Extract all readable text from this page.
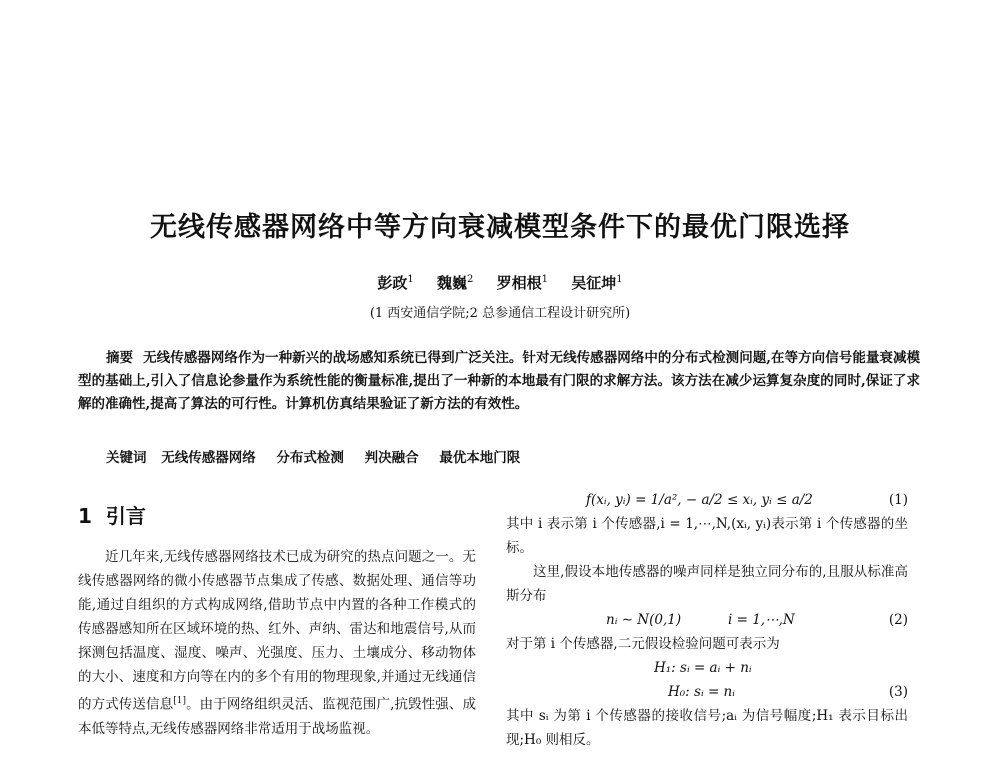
无线传感器网络中等方向衰减模型条件下的最优门限选择
彭政$^1$ 魏巍$^2$ 罗相根$^1$ 吴征坤$^1$
(1 西安通信学院;2 总参通信工程设计研究所)
摘要 无线传感器网络作为一种新兴的战场感知系统已得到广泛关注。针对无线传感器网络中的分布式检测问题,在等方向信号能量衰减模型的基础上,引入了信息论参量作为系统性能的衡量标准,提出了一种新的本地最有门限的求解方法。该方法在减少运算复杂度的同时,保证了求解的准确性,提高了算法的可行性。计算机仿真结果验证了新方法的有效性。
关键词 无线传感器网络 分布式检测 判决融合 最优本地门限
1 引言

近几年来,无线传感器网络技术已成为研究的热点问题之一。无线传感器网络的微小传感器节点集成了传感、数据处理、通信等功能,通过自组织的方式构成网络,借助节点中内置的各种工作模式的传感器感知所在区域环境的热、红外、声纳、雷达和地震信号,从而探测包括温度、湿度、噪声、光强度、压力、土壤成分、移动物体的大小、速度和方向等在内的多个有用的物理现象,并通过无线通信的方式传送信息[1]。由于网络组织灵活、监视范围广,抗毁性强、成本低等特点,无线传感器网络非常适用于战场监视。

f(xᵢ, yᵢ) = 1/a², − a/2 ≤ xᵢ, yᵢ ≤ a/2	(1)

其中 i 表示第 i 个传感器,i = 1,⋯,N,(xᵢ, yᵢ)表示第 i 个传感器的坐标。

这里,假设本地传感器的噪声同样是独立同分布的,且服从标准高斯分布

nᵢ ∼ N(0,1)	i = 1,⋯,N	(2)

对于第 i 个传感器,二元假设检验问题可表示为

H₁: sᵢ = aᵢ + nᵢ
H₀: sᵢ = nᵢ	(3)

其中 sᵢ 为第 i 个传感器的接收信号;aᵢ 为信号幅度;H₁ 表示目标出现;H₀ 则相反。
